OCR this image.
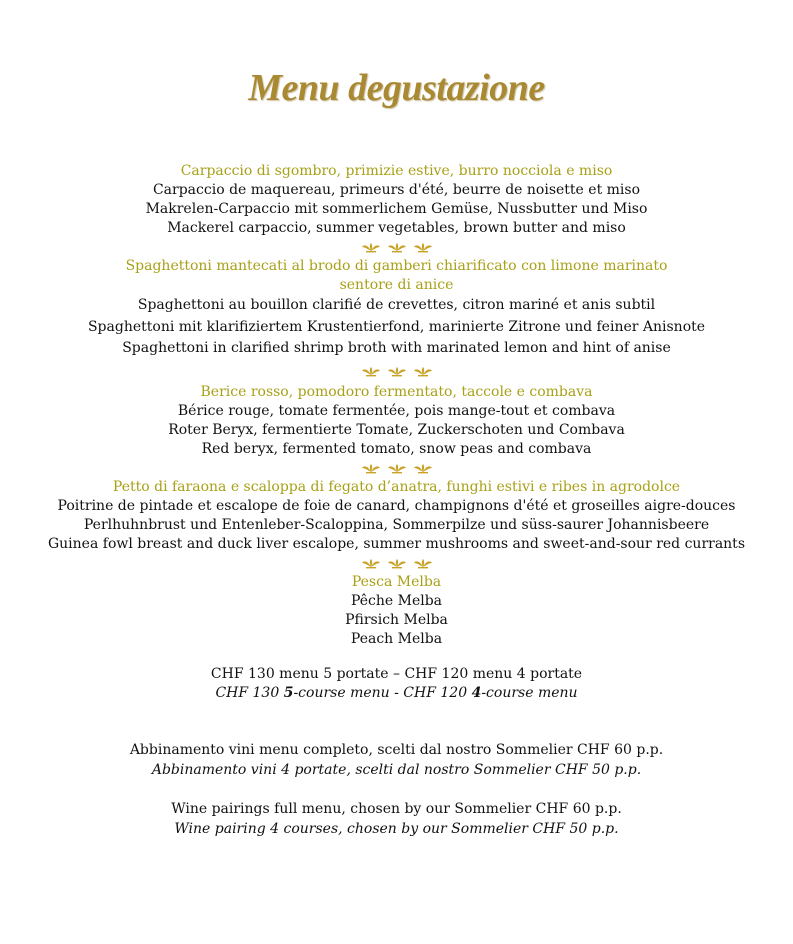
Menu degustazione

Carpaccio di sgombro, primizie estive, burro nocciola e miso

Carpaccio de maquereau, primeurs d'été, beurre de noisette et miso

Makrelen-Carpaccio mit sommerlichem Gemüse, Nussbutter und Miso

Mackerel carpaccio, summer vegetables, brown butter and miso

Spaghettoni mantecati al brodo di gamberi chiarificato con limone marinato

sentore di anice

Spaghettoni au bouillon clarifié de crevettes, citron mariné et anis subtil

Spaghettoni mit klarifiziertem Krustentierfond, marinierte Zitrone und feiner Anisnote

Spaghettoni in clarified shrimp broth with marinated lemon and hint of anise

Berice rosso, pomodoro fermentato, taccole e combava

Bérice rouge, tomate fermentée, pois mange-tout et combava

Roter Beryx, fermentierte Tomate, Zuckerschoten und Combava

Red beryx, fermented tomato, snow peas and combava

Petto di faraona e scaloppa di fegato d’anatra, funghi estivi e ribes in agrodolce

Poitrine de pintade et escalope de foie de canard, champignons d'été et groseilles aigre-douces

Perlhuhnbrust und Entenleber-Scaloppina, Sommerpilze und süss-saurer Johannisbeere

Guinea fowl breast and duck liver escalope, summer mushrooms and sweet-and-sour red currants

Pesca Melba

Pêche Melba

Pfirsich Melba

Peach Melba

CHF 130 menu 5 portate – CHF 120 menu 4 portate

CHF 130 5-course menu - CHF 120 4-course menu

Abbinamento vini menu completo, scelti dal nostro Sommelier CHF 60 p.p.

Abbinamento vini 4 portate, scelti dal nostro Sommelier CHF 50 p.p.

Wine pairings full menu, chosen by our Sommelier CHF 60 p.p.

Wine pairing 4 courses, chosen by our Sommelier CHF 50 p.p.
